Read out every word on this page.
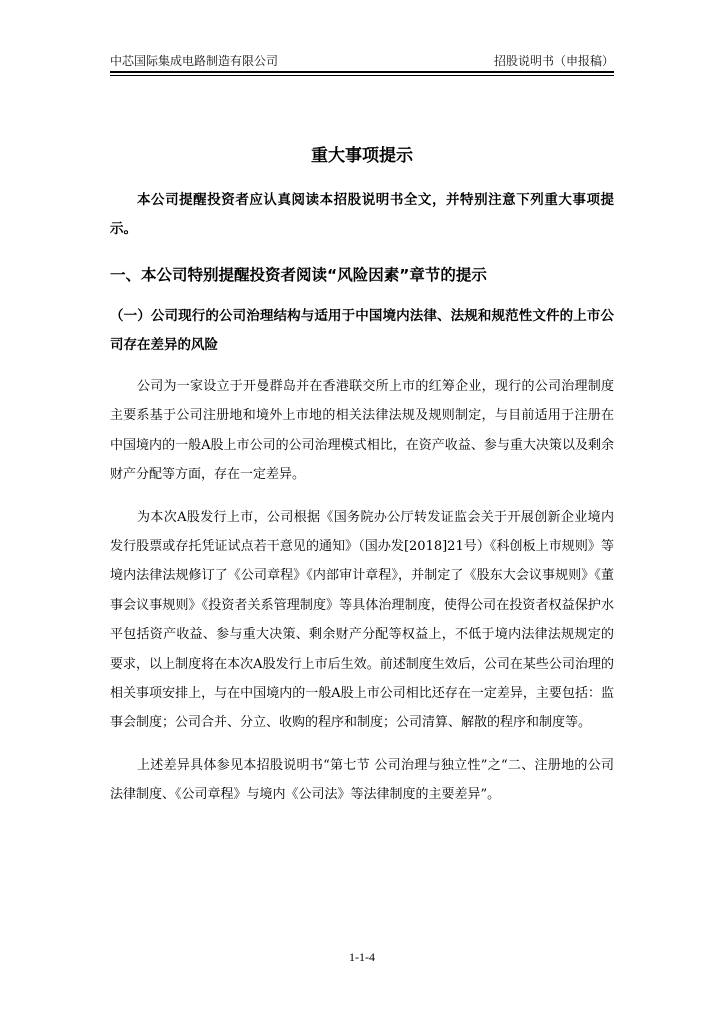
中芯国际集成电路制造有限公司	招股说明书（申报稿）
重大事项提示

本公司提醒投资者应认真阅读本招股说明书全文，并特别注意下列重大事项提示。

一、本公司特别提醒投资者阅读“风险因素”章节的提示
（一）公司现行的公司治理结构与适用于中国境内法律、法规和规范性文件的上市公司存在差异的风险

公司为一家设立于开曼群岛并在香港联交所上市的红筹企业，现行的公司治理制度主要系基于公司注册地和境外上市地的相关法律法规及规则制定，与目前适用于注册在中国境内的一般A股上市公司的公司治理模式相比，在资产收益、参与重大决策以及剩余财产分配等方面，存在一定差异。

为本次A股发行上市，公司根据《国务院办公厅转发证监会关于开展创新企业境内发行股票或存托凭证试点若干意见的通知》（国办发[2018]21号）《科创板上市规则》等境内法律法规修订了《公司章程》《内部审计章程》，并制定了《股东大会议事规则》《董事会议事规则》《投资者关系管理制度》等具体治理制度，使得公司在投资者权益保护水平包括资产收益、参与重大决策、剩余财产分配等权益上，不低于境内法律法规规定的要求，以上制度将在本次A股发行上市后生效。前述制度生效后，公司在某些公司治理的相关事项安排上，与在中国境内的一般A股上市公司相比还存在一定差异，主要包括：监事会制度；公司合并、分立、收购的程序和制度；公司清算、解散的程序和制度等。

上述差异具体参见本招股说明书“第七节 公司治理与独立性”之“二、注册地的公司法律制度、《公司章程》与境内《公司法》等法律制度的主要差异”。

1-1-4
